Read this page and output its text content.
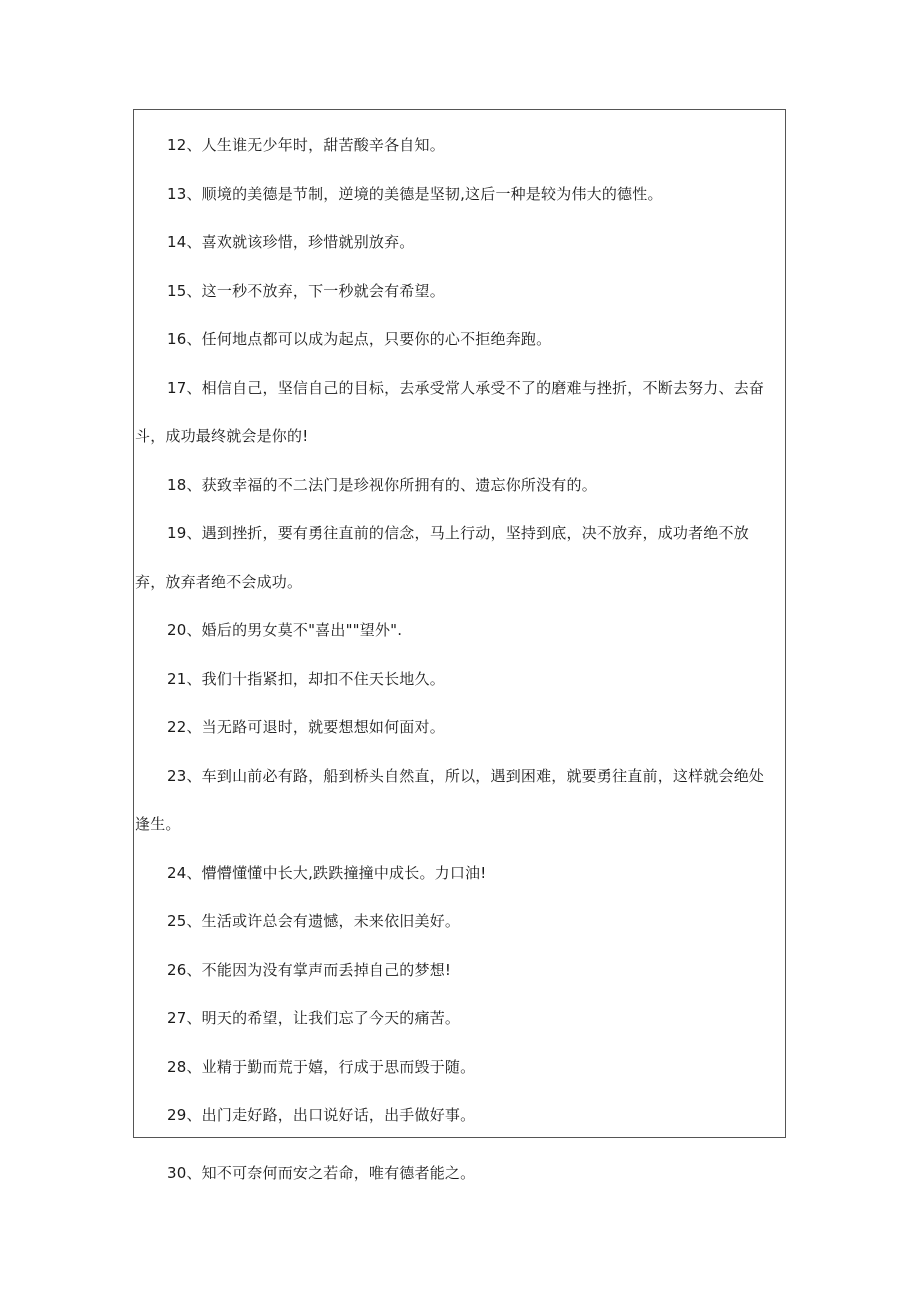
12、人生谁无少年时，甜苦酸辛各自知。
13、顺境的美德是节制，逆境的美德是坚韧,这后一种是较为伟大的德性。
14、喜欢就该珍惜，珍惜就别放弃。
15、这一秒不放弃，下一秒就会有希望。
16、任何地点都可以成为起点，只要你的心不拒绝奔跑。
17、相信自己，坚信自己的目标，去承受常人承受不了的磨难与挫折，不断去努力、去奋
斗，成功最终就会是你的!
18、获致幸福的不二法门是珍视你所拥有的、遗忘你所没有的。
19、遇到挫折，要有勇往直前的信念，马上行动，坚持到底，决不放弃，成功者绝不放
弃，放弃者绝不会成功。
20、婚后的男女莫不"喜出""望外".
21、我们十指紧扣，却扣不住天长地久。
22、当无路可退时，就要想想如何面对。
23、车到山前必有路，船到桥头自然直，所以，遇到困难，就要勇往直前，这样就会绝处
逢生。
24、懵懵懂懂中长大,跌跌撞撞中成长。力口油!
25、生活或许总会有遗憾，未来依旧美好。
26、不能因为没有掌声而丢掉自己的梦想!
27、明天的希望，让我们忘了今天的痛苦。
28、业精于勤而荒于嬉，行成于思而毁于随。
29、出门走好路，出口说好话，出手做好事。
30、知不可奈何而安之若命，唯有德者能之。
